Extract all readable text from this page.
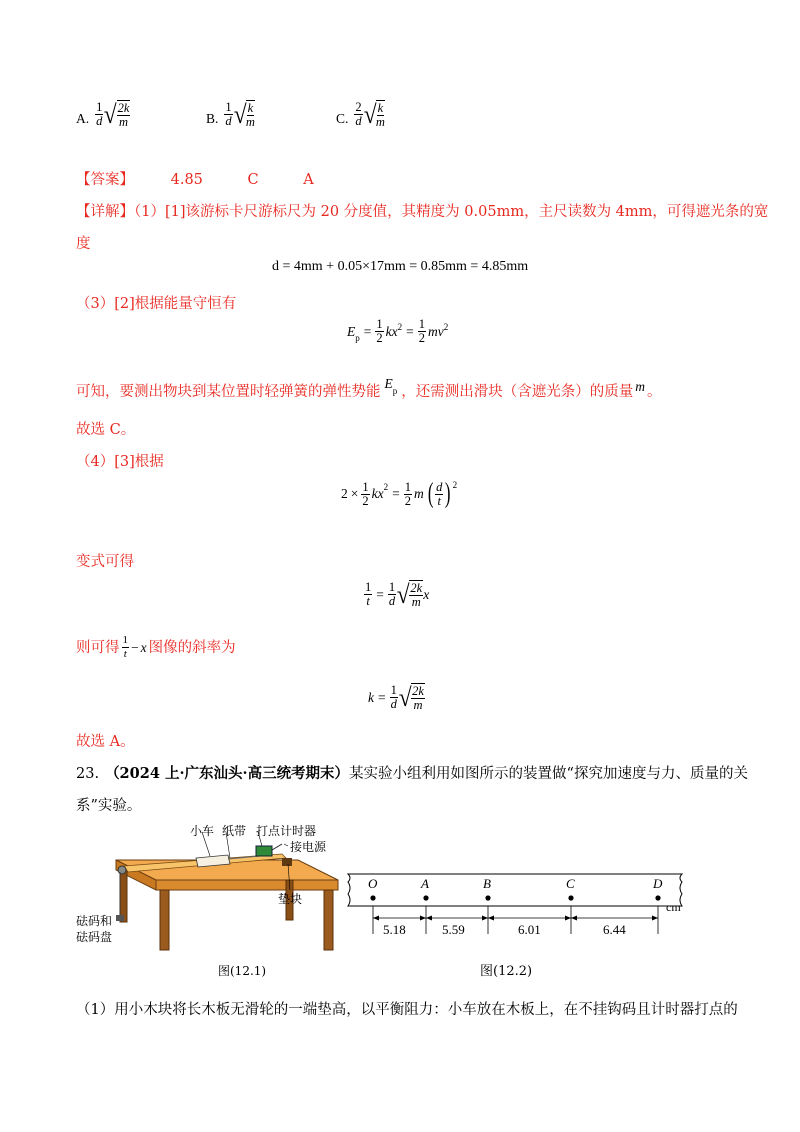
A. $\frac{1}{d}$ √ $\frac{2k}{m}$	B. $\frac{1}{d}$ √ $\frac{k}{m}$	C. $\frac{2}{d}$ √ $\frac{k}{m}$
【答案】	4.85	C	A
【详解】（1）[1]该游标卡尺游标尺为 20 分度值，其精度为 0.05mm，主尺读数为 4mm，可得遮光条的宽
度
d = 4mm + 0.05×17mm = 0.85mm = 4.85mm
（3）[2]根据能量守恒有
E $p = \frac{1}{2}$ kx $2 = \frac{1}{2}$ mv 2
可知，要测出物块到某位置时轻弹簧的弹性势能$E_p$ ，还需测出滑块（含遮光条）的质量 m 。
故选 C。
（4）[3]根据
$2 \times \frac{1}{2}$ kx $2 = \frac{1}{2}$ m ( $\frac{d}{t}$ ) 2
变式可得
$\frac{1}{t} = \frac{1}{d}$ √ $\frac{2k}{m}$ x
则可得 $\frac{1}{t} - x$ 图像的斜率为
$k = \frac{1}{d}$ √ $\frac{2k}{m}$
故选 A。
23. （2024 上·广东汕头·高三统考期末）某实验小组利用如图所示的装置做“探究加速度与力、质量的关
系”实验。
小车 纸带 打点计时器
接电源
砝码和
砝码盘
垫块
图(12.1)
O	A	B	C	D
cm
5.18	5.59	6.01	6.44
图(12.2)
（1）用小木块将长木板无滑轮的一端垫高，以平衡阻力：小车放在木板上，在不挂钩码且计时器打点的
